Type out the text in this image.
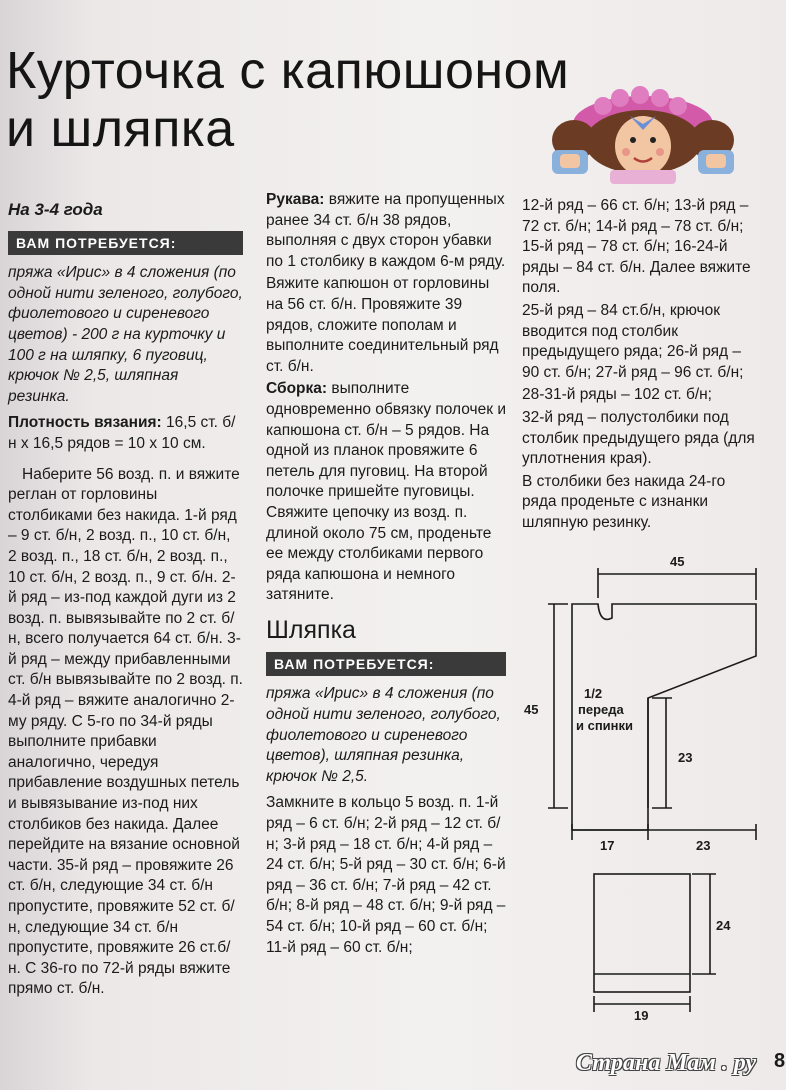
Курточка с капюшоном
и шляпка

На 3-4 года

ВАМ ПОТРЕБУЕТСЯ:

пряжа «Ирис» в 4 сложения (по одной нити зеленого, голубого, фиолетового и сиреневого цветов) - 200 г на курточку и 100 г на шляпку, 6 пуговиц, крючок № 2,5, шляпная резинка.

Плотность вязания: 16,5 ст. б/н х 16,5 рядов = 10 х 10 см.

Наберите 56 возд. п. и вяжите реглан от горловины столбиками без накида. 1-й ряд – 9 ст. б/н, 2 возд. п., 10 ст. б/н, 2 возд. п., 18 ст. б/н, 2 возд. п., 10 ст. б/н, 2 возд. п., 9 ст. б/н. 2-й ряд – из-под каждой дуги из 2 возд. п. вывязывайте по 2 ст. б/н, всего получается 64 ст. б/н. 3-й ряд – между прибавленными ст. б/н вывязывайте по 2 возд. п. 4-й ряд – вяжите аналогично 2-му ряду. С 5-го по 34-й ряды выполните прибавки аналогично, чередуя прибавление воздушных петель и вывязывание из-под них столбиков без накида. Далее перейдите на вязание основной части. 35-й ряд – провяжите 26 ст. б/н, следующие 34 ст. б/н пропустите, провяжите 52 ст. б/н, следующие 34 ст. б/н пропустите, провяжите 26 ст.б/н. С 36-го по 72-й ряды вяжите прямо ст. б/н.

Рукава: вяжите на пропущенных ранее 34 ст. б/н 38 рядов, выполняя с двух сторон убавки по 1 столбику в каждом 6-м ряду.

Вяжите капюшон от горловины на 56 ст. б/н. Провяжите 39 рядов, сложите пополам и выполните соединительный ряд ст. б/н.

Сборка: выполните одновременно обвязку полочек и капюшона ст. б/н – 5 рядов. На одной из планок провяжите 6 петель для пуговиц. На второй полочке пришейте пуговицы. Свяжите цепочку из возд. п. длиной около 75 см, проденьте ее между столбиками первого ряда капюшона и немного затяните.

Шляпка
ВАМ ПОТРЕБУЕТСЯ:

пряжа «Ирис» в 4 сложения (по одной нити зеленого, голубого, фиолетового и сиреневого цветов), шляпная резинка, крючок № 2,5.

Замкните в кольцо 5 возд. п. 1-й ряд – 6 ст. б/н; 2-й ряд – 12 ст. б/н; 3-й ряд – 18 ст. б/н; 4-й ряд – 24 ст. б/н; 5-й ряд – 30 ст. б/н; 6-й ряд – 36 ст. б/н; 7-й ряд – 42 ст. б/н; 8-й ряд – 48 ст. б/н; 9-й ряд – 54 ст. б/н; 10-й ряд – 60 ст. б/н; 11-й ряд – 60 ст. б/н;

12-й ряд – 66 ст. б/н; 13-й ряд – 72 ст. б/н; 14-й ряд – 78 ст. б/н; 15-й ряд – 78 ст. б/н; 16-24-й ряды – 84 ст. б/н. Далее вяжите поля.

25-й ряд – 84 ст.б/н, крючок вводится под столбик предыдущего ряда; 26-й ряд – 90 ст. б/н; 27-й ряд – 96 ст. б/н;

28-31-й ряды – 102 ст. б/н;

32-й ряд – полустолбики под столбик предыдущего ряда (для уплотнения края).

В столбики без накида 24-го ряда проденьте с изнанки шляпную резинку.

45
45
23
17	23
1/2
переда
и спинки
24
19
Страна Мам . ру 8
